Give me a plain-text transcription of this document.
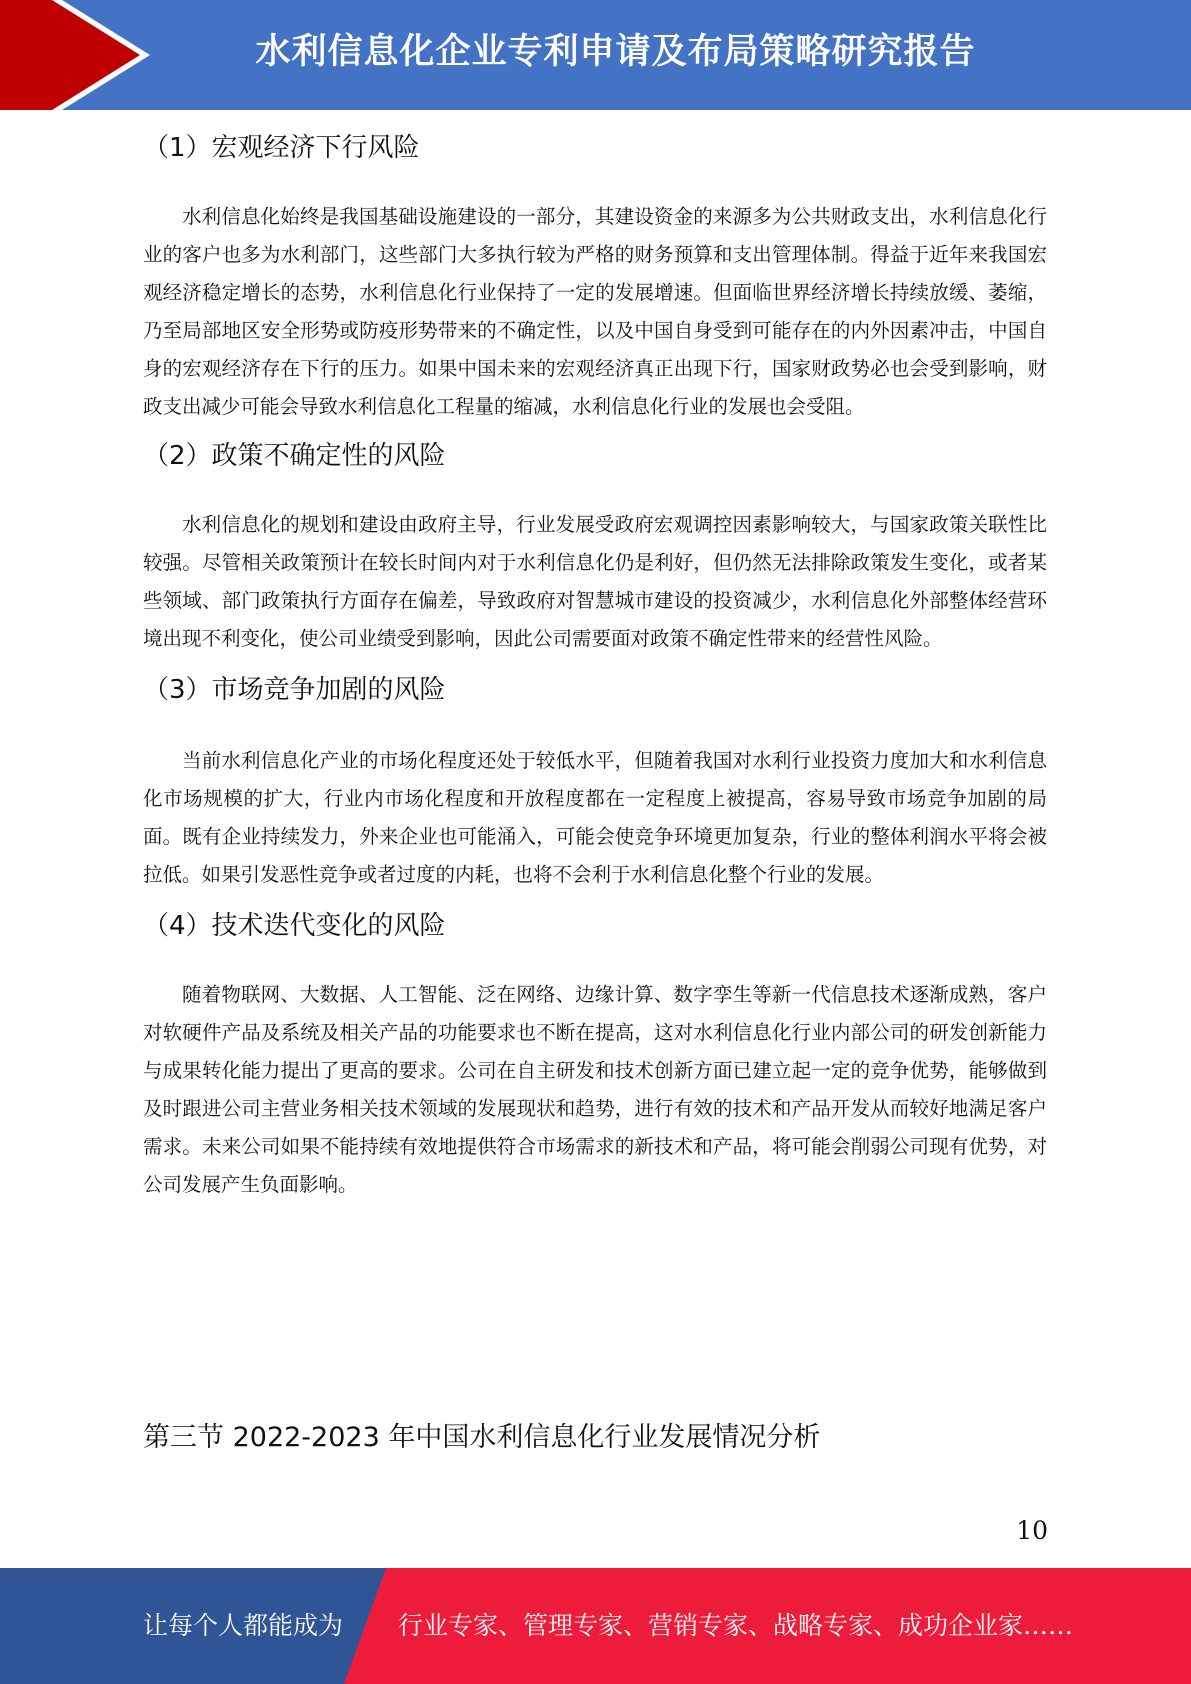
水利信息化企业专利申请及布局策略研究报告
（1）宏观经济下行风险

水利信息化始终是我国基础设施建设的一部分，其建设资金的来源多为公共财政支出，水利信息化行业的客户也多为水利部门，这些部门大多执行较为严格的财务预算和支出管理体制。得益于近年来我国宏观经济稳定增长的态势，水利信息化行业保持了一定的发展增速。但面临世界经济增长持续放缓、萎缩，乃至局部地区安全形势或防疫形势带来的不确定性，以及中国自身受到可能存在的内外因素冲击，中国自身的宏观经济存在下行的压力。如果中国未来的宏观经济真正出现下行，国家财政势必也会受到影响，财政支出减少可能会导致水利信息化工程量的缩减，水利信息化行业的发展也会受阻。

（2）政策不确定性的风险

水利信息化的规划和建设由政府主导，行业发展受政府宏观调控因素影响较大，与国家政策关联性比较强。尽管相关政策预计在较长时间内对于水利信息化仍是利好，但仍然无法排除政策发生变化，或者某些领域、部门政策执行方面存在偏差，导致政府对智慧城市建设的投资减少，水利信息化外部整体经营环境出现不利变化，使公司业绩受到影响，因此公司需要面对政策不确定性带来的经营性风险。

（3）市场竞争加剧的风险

当前水利信息化产业的市场化程度还处于较低水平，但随着我国对水利行业投资力度加大和水利信息化市场规模的扩大，行业内市场化程度和开放程度都在一定程度上被提高，容易导致市场竞争加剧的局面。既有企业持续发力，外来企业也可能涌入，可能会使竞争环境更加复杂，行业的整体利润水平将会被拉低。如果引发恶性竞争或者过度的内耗，也将不会利于水利信息化整个行业的发展。

（4）技术迭代变化的风险

随着物联网、大数据、人工智能、泛在网络、边缘计算、数字孪生等新一代信息技术逐渐成熟，客户对软硬件产品及系统及相关产品的功能要求也不断在提高，这对水利信息化行业内部公司的研发创新能力与成果转化能力提出了更高的要求。公司在自主研发和技术创新方面已建立起一定的竞争优势，能够做到及时跟进公司主营业务相关技术领域的发展现状和趋势，进行有效的技术和产品开发从而较好地满足客户需求。未来公司如果不能持续有效地提供符合市场需求的新技术和产品，将可能会削弱公司现有优势，对公司发展产生负面影响。

第三节 2022-2023 年中国水利信息化行业发展情况分析
10
让每个人都能成为 行业专家、管理专家、营销专家、战略专家、成功企业家……
